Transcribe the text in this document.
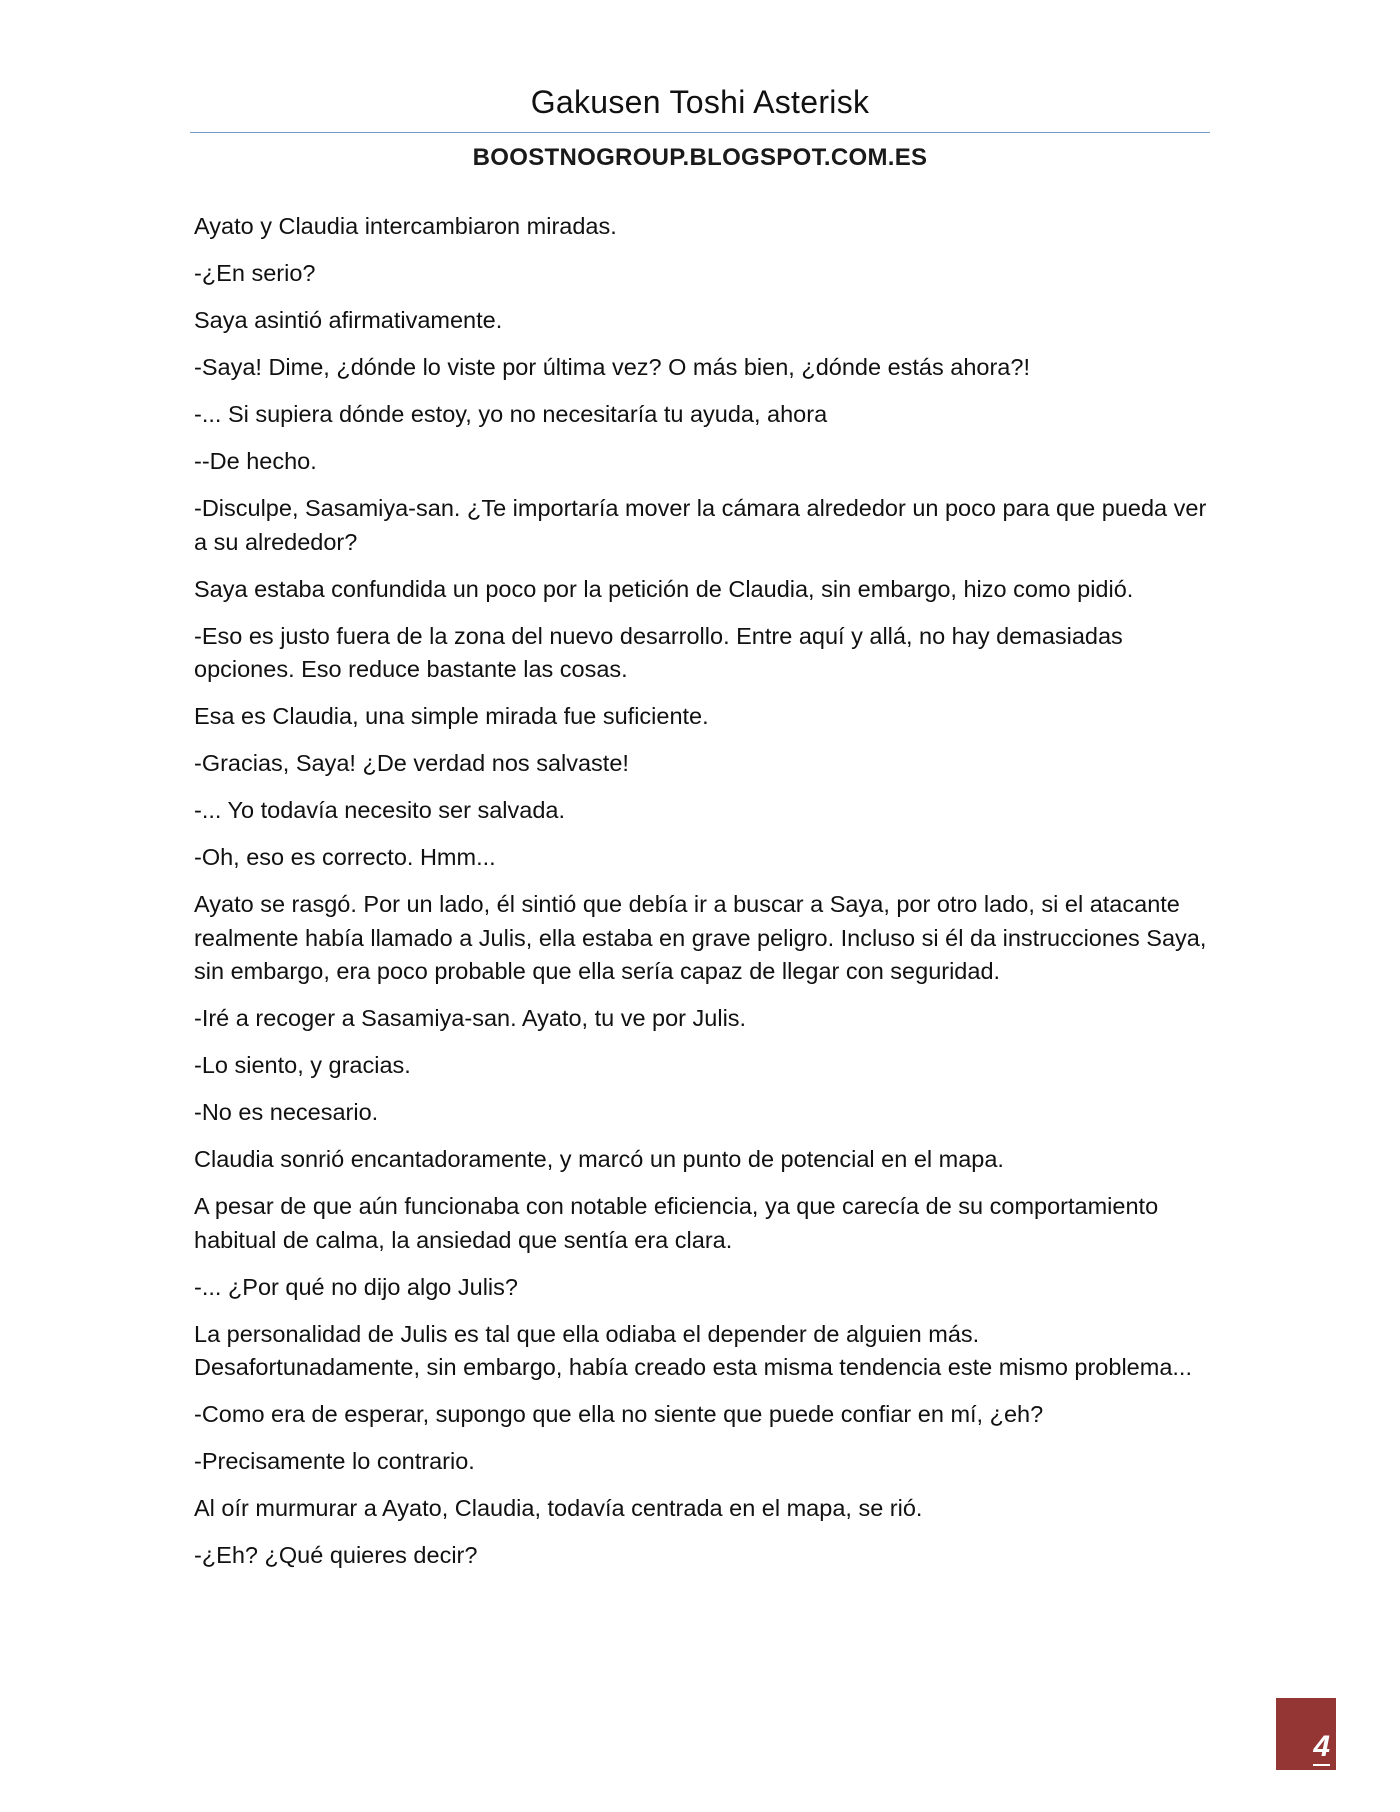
Gakusen Toshi Asterisk
BOOSTNOGROUP.BLOGSPOT.COM.ES

Ayato y Claudia intercambiaron miradas.

-¿En serio?

Saya asintió afirmativamente.

-Saya! Dime, ¿dónde lo viste por última vez? O más bien, ¿dónde estás ahora?!

-... Si supiera dónde estoy, yo no necesitaría tu ayuda, ahora

--De hecho.

-Disculpe, Sasamiya-san. ¿Te importaría mover la cámara alrededor un poco para que pueda ver a su alrededor?

Saya estaba confundida un poco por la petición de Claudia, sin embargo, hizo como pidió.

-Eso es justo fuera de la zona del nuevo desarrollo. Entre aquí y allá, no hay demasiadas opciones. Eso reduce bastante las cosas.

Esa es Claudia, una simple mirada fue suficiente.

-Gracias, Saya! ¿De verdad nos salvaste!

-... Yo todavía necesito ser salvada.

-Oh, eso es correcto. Hmm...

Ayato se rasgó. Por un lado, él sintió que debía ir a buscar a Saya, por otro lado, si el atacante realmente había llamado a Julis, ella estaba en grave peligro. Incluso si él da instrucciones Saya, sin embargo, era poco probable que ella sería capaz de llegar con seguridad.

-Iré a recoger a Sasamiya-san. Ayato, tu ve por Julis.

-Lo siento, y gracias.

-No es necesario.

Claudia sonrió encantadoramente, y marcó un punto de potencial en el mapa.

A pesar de que aún funcionaba con notable eficiencia, ya que carecía de su comportamiento habitual de calma, la ansiedad que sentía era clara.

-... ¿Por qué no dijo algo Julis?

La personalidad de Julis es tal que ella odiaba el depender de alguien más. Desafortunadamente, sin embargo, había creado esta misma tendencia este mismo problema...

-Como era de esperar, supongo que ella no siente que puede confiar en mí, ¿eh?

-Precisamente lo contrario.

Al oír murmurar a Ayato, Claudia, todavía centrada en el mapa, se rió.

-¿Eh? ¿Qué quieres decir?

4
